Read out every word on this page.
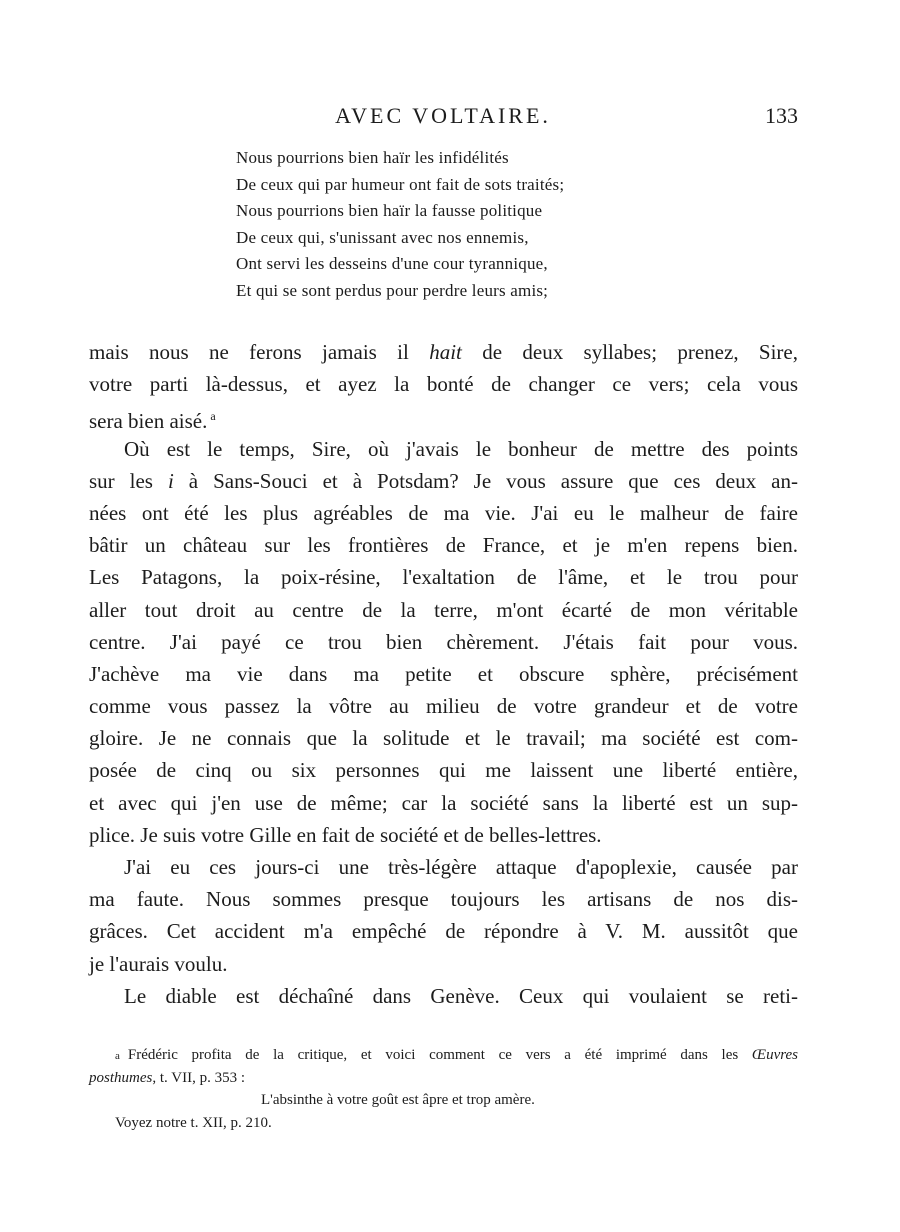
AVEC VOLTAIRE.	133
Nous pourrions bien haïr les infidélités
De ceux qui par humeur ont fait de sots traités;
Nous pourrions bien haïr la fausse politique
De ceux qui, s'unissant avec nos ennemis,
Ont servi les desseins d'une cour tyrannique,
Et qui se sont perdus pour perdre leurs amis;
mais nous ne ferons jamais il hait de deux syllabes; prenez, Sire,
votre parti là-dessus, et ayez la bonté de changer ce vers; cela vous
sera bien aisé. $^a$
Où est le temps, Sire, où j'avais le bonheur de mettre des points
sur les i à Sans-Souci et à Potsdam? Je vous assure que ces deux an-
nées ont été les plus agréables de ma vie. J'ai eu le malheur de faire
bâtir un château sur les frontières de France, et je m'en repens bien.
Les Patagons, la poix-résine, l'exaltation de l'âme, et le trou pour
aller tout droit au centre de la terre, m'ont écarté de mon véritable
centre. J'ai payé ce trou bien chèrement. J'étais fait pour vous.
J'achève ma vie dans ma petite et obscure sphère, précisément
comme vous passez la vôtre au milieu de votre grandeur et de votre
gloire. Je ne connais que la solitude et le travail; ma société est com-
posée de cinq ou six personnes qui me laissent une liberté entière,
et avec qui j'en use de même; car la société sans la liberté est un sup-
plice. Je suis votre Gille en fait de société et de belles-lettres.
J'ai eu ces jours-ci une très-légère attaque d'apoplexie, causée par
ma faute. Nous sommes presque toujours les artisans de nos dis-
grâces. Cet accident m'a empêché de répondre à V. M. aussitôt que
je l'aurais voulu.
Le diable est déchaîné dans Genève. Ceux qui voulaient se reti-
a Frédéric profita de la critique, et voici comment ce vers a été imprimé dans les Œuvres
posthumes, t. VII, p. 353 :
L'absinthe à votre goût est âpre et trop amère.
Voyez notre t. XII, p. 210.
